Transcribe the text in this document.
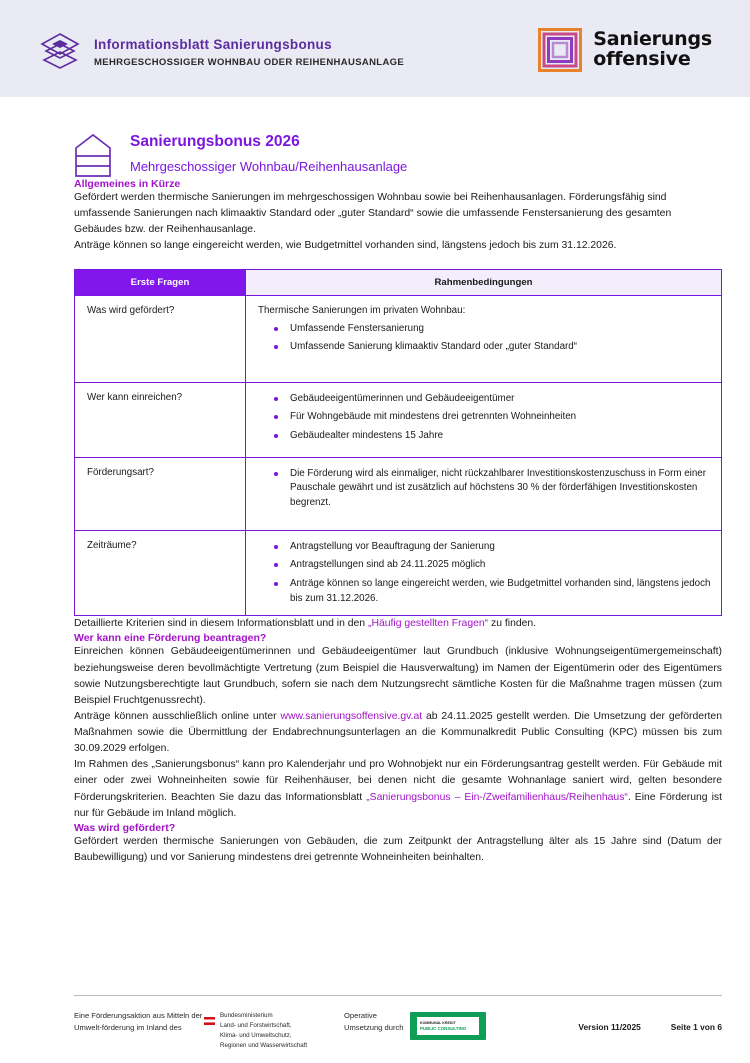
Informationsblatt Sanierungsbonus
MEHRGESCHOSSIGER WOHNBAU ODER REIHENHAUSANLAGE
Sanierungs
offensive
Sanierungsbonus 2026
Mehrgeschossiger Wohnbau/Reihenhausanlage
Allgemeines in Kürze

Gefördert werden thermische Sanierungen im mehrgeschossigen Wohnbau sowie bei Reihenhausanlagen. Förderungsfähig sind umfassende Sanierungen nach klimaaktiv Standard oder „guter Standard“ sowie die umfassende Fenstersanierung des gesamten Gebäudes bzw. der Reihenhausanlage.

Anträge können so lange eingereicht werden, wie Budgetmittel vorhanden sind, längstens jedoch bis zum 31.12.2026.

Erste Fragen	Rahmenbedingungen
Was wird gefördert?	Thermische Sanierungen im privaten Wohnbau:

Umfassende Fenstersanierung
Umfassende Sanierung klimaaktiv Standard oder „guter Standard“

Wer kann einreichen?	Gebäudeeigentümerinnen und Gebäudeeigentümer
Für Wohngebäude mit mindestens drei getrennten Wohneinheiten
Gebäudealter mindestens 15 Jahre

Förderungsart?	Die Förderung wird als einmaliger, nicht rückzahlbarer Investitionskostenzuschuss in Form einer Pauschale gewährt und ist zusätzlich auf höchstens 30 % der förderfähigen Investitionskosten begrenzt.

Zeiträume?	Antragstellung vor Beauftragung der Sanierung
Antragstellungen sind ab 24.11.2025 möglich
Anträge können so lange eingereicht werden, wie Budgetmittel vorhanden sind, längstens jedoch bis zum 31.12.2026.

Detaillierte Kriterien sind in diesem Informationsblatt und in den „Häufig gestellten Fragen“ zu finden.

Wer kann eine Förderung beantragen?

Einreichen können Gebäudeeigentümerinnen und Gebäudeeigentümer laut Grundbuch (inklusive Wohnungseigentümergemeinschaft) beziehungsweise deren bevollmächtigte Vertretung (zum Beispiel die Hausverwaltung) im Namen der Eigentümerin oder des Eigentümers sowie Nutzungsberechtigte laut Grundbuch, sofern sie nach dem Nutzungsrecht sämtliche Kosten für die Maßnahme tragen müssen (zum Beispiel Fruchtgenussrecht).

Anträge können ausschließlich online unter www.sanierungsoffensive.gv.at ab 24.11.2025 gestellt werden. Die Umsetzung der geförderten Maßnahmen sowie die Übermittlung der Endabrechnungsunterlagen an die Kommunalkredit Public Consulting (KPC) müssen bis zum 30.09.2029 erfolgen.

Im Rahmen des „Sanierungsbonus“ kann pro Kalenderjahr und pro Wohnobjekt nur ein Förderungsantrag gestellt werden. Für Gebäude mit einer oder zwei Wohneinheiten sowie für Reihenhäuser, bei denen nicht die gesamte Wohnanlage saniert wird, gelten besondere Förderungskriterien. Beachten Sie dazu das Informationsblatt „Sanierungsbonus – Ein-/Zweifamilienhaus/Reihenhaus“. Eine Förderung ist nur für Gebäude im Inland möglich.

Was wird gefördert?

Gefördert werden thermische Sanierungen von Gebäuden, die zum Zeitpunkt der Antragstellung älter als 15 Jahre sind (Datum der Baubewilligung) und vor Sanierung mindestens drei getrennte Wohneinheiten beinhalten.

Eine Förderungsaktion aus Mitteln der Umwelt-förderung im Inland des
Bundesministerium
Land- und Forstwirtschaft,
Klima- und Umweltschutz,
Regionen und Wasserwirtschaft
Operative Umsetzung durch	KOMMUNAL KREDIT
PUBLIC CONSULTING	Version 11/2025	Seite 1 von 6
